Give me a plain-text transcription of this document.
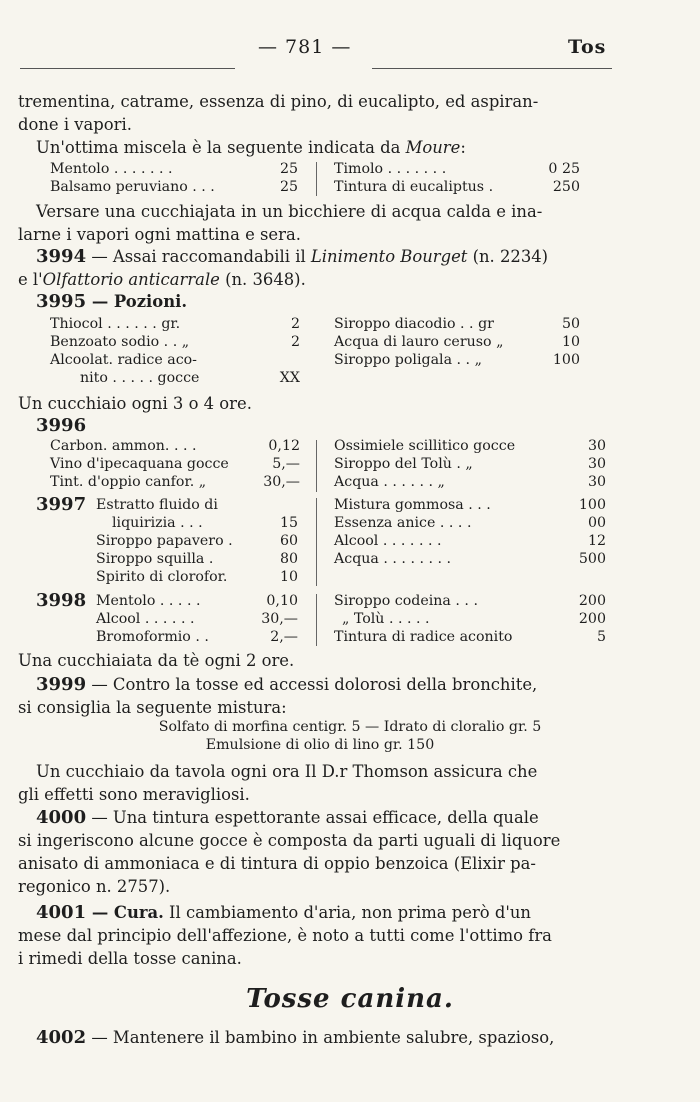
— 781 —	Tos

trementina, catrame, essenza di pino, di eucalipto, ed aspiran-

done i vapori.

Un'ottima miscela è la seguente indicata da Moure:

Mentolo . . . . . . .	25	Timolo . . . . . . .	0 25
Balsamo peruviano . . .	25	Tintura di eucaliptus .	250

Versare una cucchiajata in un bicchiere di acqua calda e ina-

larne i vapori ogni mattina e sera.

3994 — Assai raccomandabili il Linimento Bourget (n. 2234)

e l'Olfattorio anticarrale (n. 3648).

3995 — Pozioni.

Thiocol . . . . . . gr.	2 Siroppo diacodio . . gr	50
Benzoato sodio . . „	2 Acqua di lauro ceruso „	10
Alcoolat. radice aco-	Siroppo poligala . . „	100
nito . . . . . gocce	XX

Un cucchiaio ogni 3 o 4 ore.

3996

Carbon. ammon. . . .	0,12 Ossimiele scillitico gocce	30
Vino d'ipecaquana gocce	5,— Siroppo del Tolù . „	30
Tint. d'oppio canfor. „	30,— Acqua . . . . . . „	30
3997 Estratto fluido di	Mistura gommosa . . .	100
liquirizia . . .	15	Essenza anice . . . .	00
Siroppo papavero .	60	Alcool . . . . . . .	12
Siroppo squilla .	80	Acqua . . . . . . . .	500
Spirito di clorofor.	10
3998 Mentolo . . . . .	0,10	Siroppo codeina . . .	200
Alcool . . . . . .	30,—	„ Tolù . . . . .	200
Bromoformio . .	2,—	Tintura di radice aconito	5

Una cucchiaiata da tè ogni 2 ore.

3999 — Contro la tosse ed accessi dolorosi della bronchite,

si consiglia la seguente mistura:

Solfato di morfina centigr. 5 — Idrato di cloralio gr. 5
Emulsione di olio di lino gr. 150

Un cucchiaio da tavola ogni ora Il D.r Thomson assicura che

gli effetti sono meravigliosi.

4000 — Una tintura espettorante assai efficace, della quale

si ingeriscono alcune gocce è composta da parti uguali di liquore

anisato di ammoniaca e di tintura di oppio benzoica (Elixir pa-

regonico n. 2757).

4001 — Cura. Il cambiamento d'aria, non prima però d'un

mese dal principio dell'affezione, è noto a tutti come l'ottimo fra

i rimedi della tosse canina.

Tosse canina.

4002 — Mantenere il bambino in ambiente salubre, spazioso,
